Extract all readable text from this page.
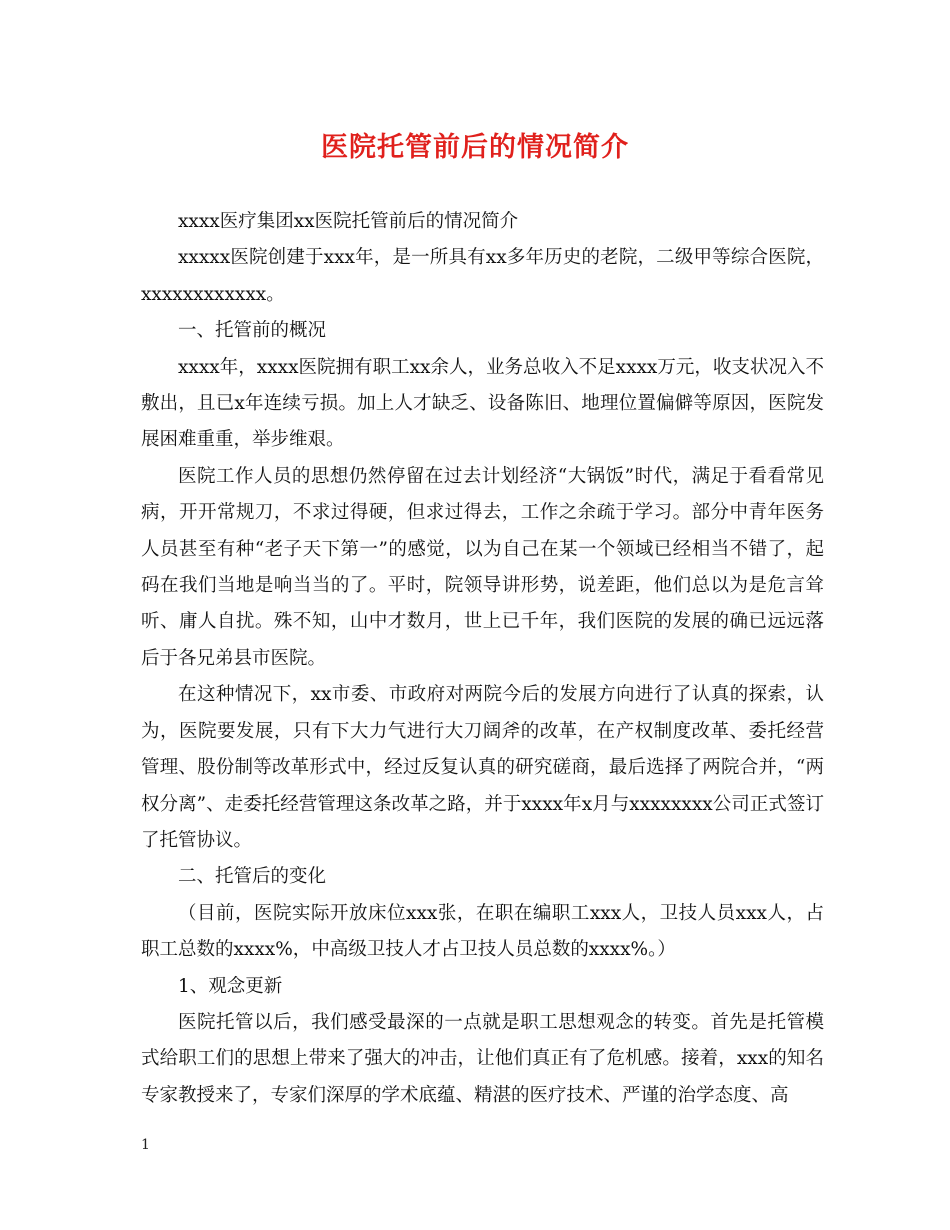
医院托管前后的情况简介

xxxx医疗集团xx医院托管前后的情况简介

xxxxx医院创建于xxx年，是一所具有xx多年历史的老院，二级甲等综合医院，xxxxxxxxxxxx。

一、托管前的概况

xxxx年，xxxx医院拥有职工xx余人，业务总收入不足xxxx万元，收支状况入不敷出，且已x年连续亏损。加上人才缺乏、设备陈旧、地理位置偏僻等原因，医院发展困难重重，举步维艰。

医院工作人员的思想仍然停留在过去计划经济“大锅饭”时代，满足于看看常见病，开开常规刀，不求过得硬，但求过得去，工作之余疏于学习。部分中青年医务人员甚至有种“老子天下第一”的感觉，以为自己在某一个领域已经相当不错了，起码在我们当地是响当当的了。平时，院领导讲形势，说差距，他们总以为是危言耸听、庸人自扰。殊不知，山中才数月，世上已千年，我们医院的发展的确已远远落后于各兄弟县市医院。

在这种情况下，xx市委、市政府对两院今后的发展方向进行了认真的探索，认为，医院要发展，只有下大力气进行大刀阔斧的改革，在产权制度改革、委托经营管理、股份制等改革形式中，经过反复认真的研究磋商，最后选择了两院合并，“两权分离”、走委托经营管理这条改革之路，并于xxxx年x月与xxxxxxxx公司正式签订了托管协议。

二、托管后的变化

（目前，医院实际开放床位xxx张，在职在编职工xxx人，卫技人员xxx人，占职工总数的xxxx%，中高级卫技人才占卫技人员总数的xxxx%。）

1、观念更新

医院托管以后，我们感受最深的一点就是职工思想观念的转变。首先是托管模式给职工们的思想上带来了强大的冲击，让他们真正有了危机感。接着，xxx的知名专家教授来了，专家们深厚的学术底蕴、精湛的医疗技术、严谨的治学态度、高

1
